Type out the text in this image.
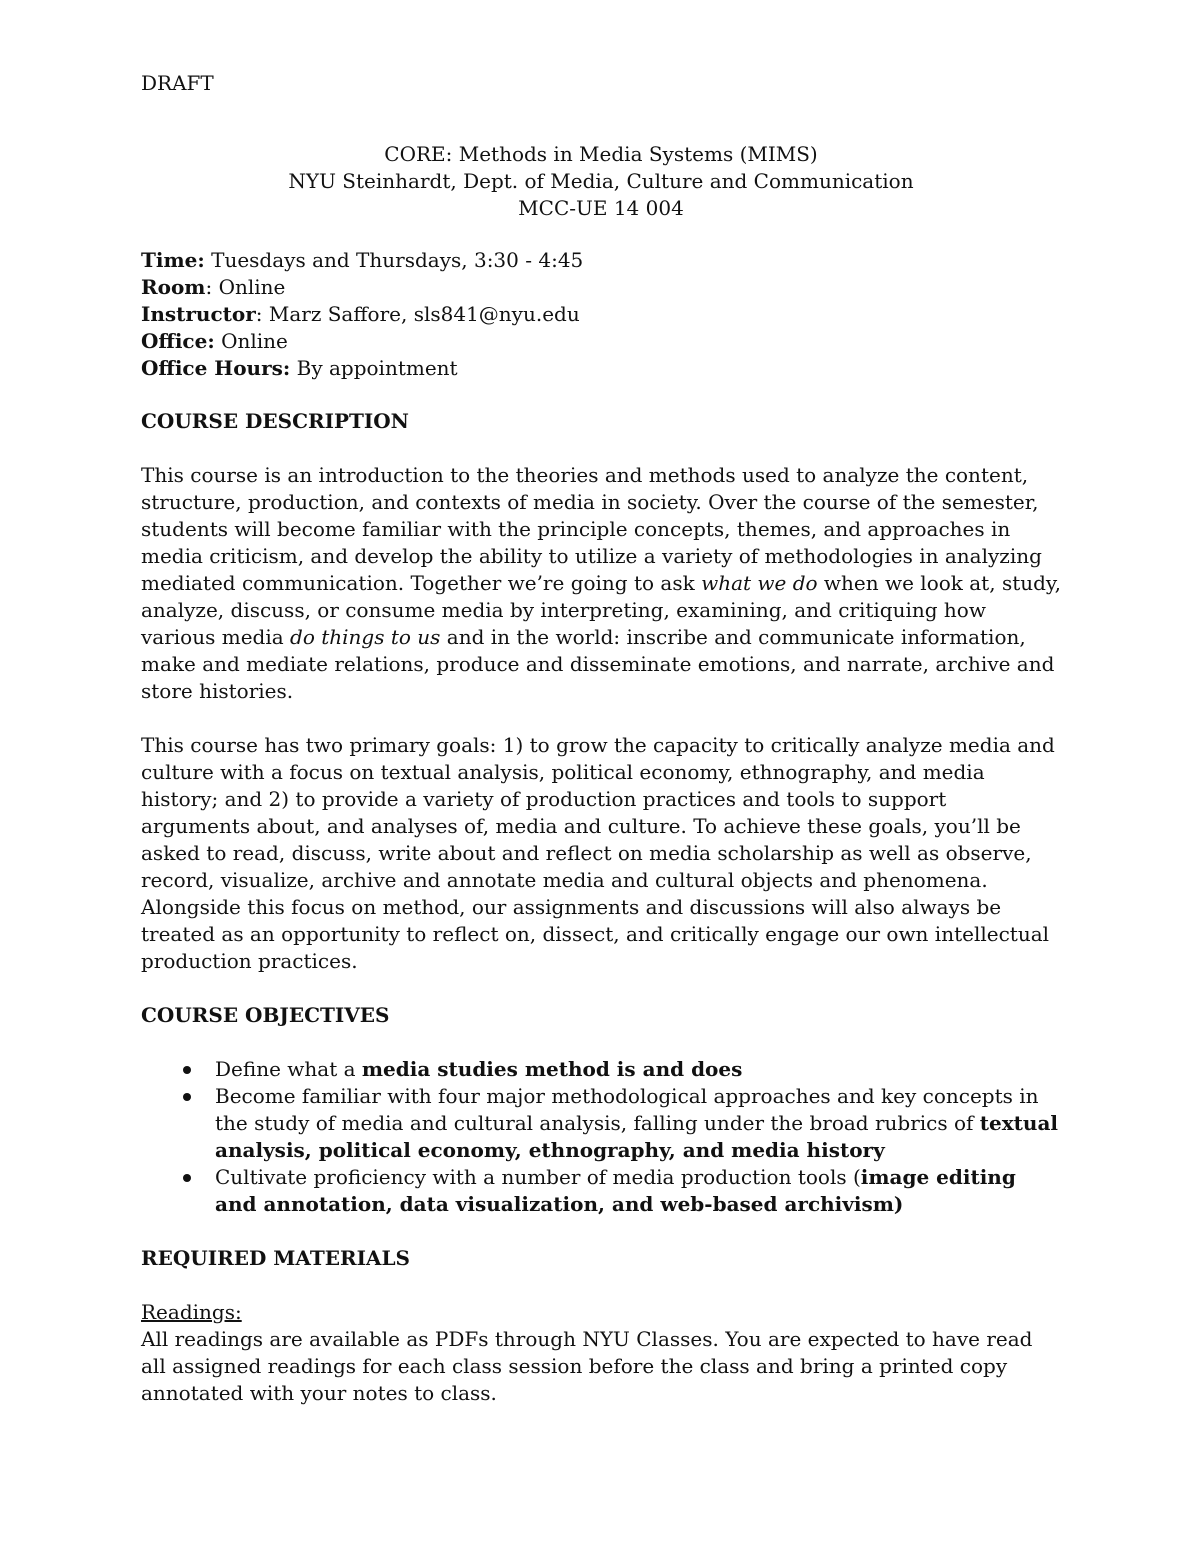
DRAFT

CORE: Methods in Media Systems (MIMS)

NYU Steinhardt, Dept. of Media, Culture and Communication

MCC-UE 14 004

Time: Tuesdays and Thursdays, 3:30 - 4:45

Room: Online

Instructor: Marz Saffore, sls841@nyu.edu

Office: Online

Office Hours: By appointment

COURSE DESCRIPTION

This course is an introduction to the theories and methods used to analyze the content, structure, production, and contexts of media in society. Over the course of the semester, students will become familiar with the principle concepts, themes, and approaches in media criticism, and develop the ability to utilize a variety of methodologies in analyzing mediated communication. Together we’re going to ask what we do when we look at, study, analyze, discuss, or consume media by interpreting, examining, and critiquing how various media do things to us and in the world: inscribe and communicate information, make and mediate relations, produce and disseminate emotions, and narrate, archive and store histories.

This course has two primary goals: 1) to grow the capacity to critically analyze media and culture with a focus on textual analysis, political economy, ethnography, and media history; and 2) to provide a variety of production practices and tools to support arguments about, and analyses of, media and culture. To achieve these goals, you’ll be asked to read, discuss, write about and reflect on media scholarship as well as observe, record, visualize, archive and annotate media and cultural objects and phenomena. Alongside this focus on method, our assignments and discussions will also always be treated as an opportunity to reflect on, dissect, and critically engage our own intellectual production practices.

COURSE OBJECTIVES

Define what a media studies method is and does
Become familiar with four major methodological approaches and key concepts in the study of media and cultural analysis, falling under the broad rubrics of textual analysis, political economy, ethnography, and media history
Cultivate proficiency with a number of media production tools (image editing and annotation, data visualization, and web-based archivism)

REQUIRED MATERIALS

Readings:

All readings are available as PDFs through NYU Classes. You are expected to have read all assigned readings for each class session before the class and bring a printed copy annotated with your notes to class.
